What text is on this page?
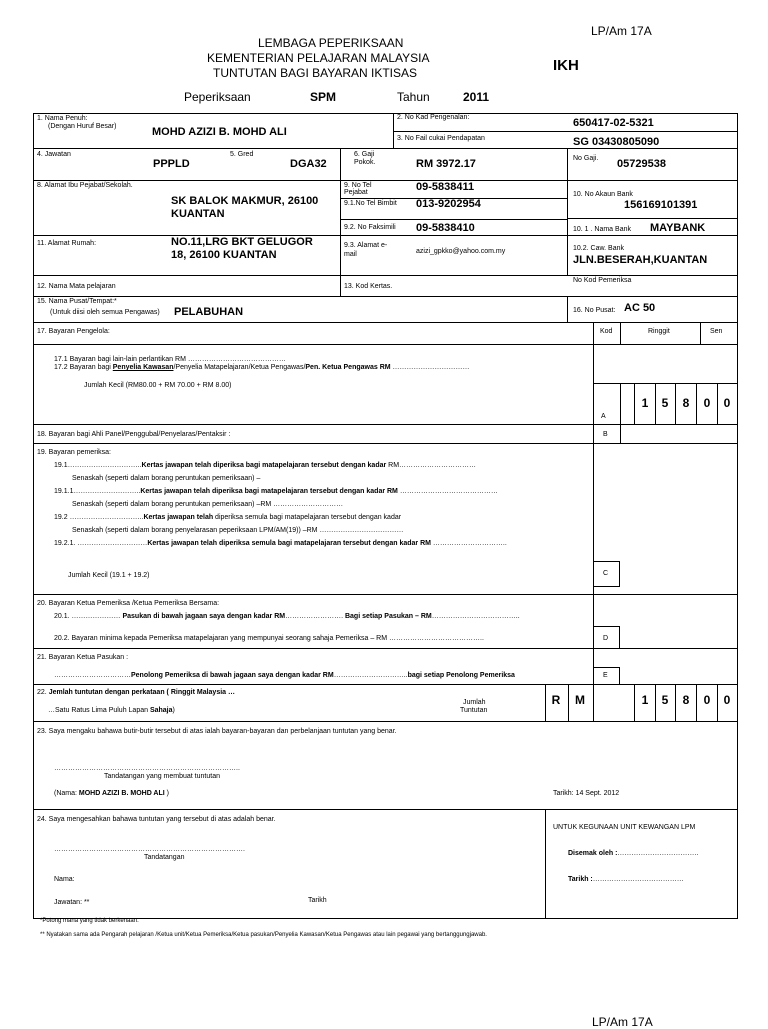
LP/Am 17A
LEMBAGA PEPERIKSAAN
KEMENTERIAN PELAJARAN MALAYSIA
TUNTUTAN BAGI BAYARAN IKTISAS	IKH
Peperiksaan	SPM	Tahun	2011
1. Nama Penuh:
(Dengan Huruf Besar)	MOHD AZIZI B. MOHD ALI
2. No Kad Pengenalan:	650417-02-5321
3. No Fail cukai Pendapatan	SG 03430805090
4. Jawatan
PPPLD
5. Gred
DGA32
6. Gaji
Pokok.	RM 3972.17	No Gaji. 05729538
8. Alamat Ibu Pejabat/Sekolah.
SK BALOK MAKMUR, 26100
KUANTAN
9. No Tel
Pejabat	09-5838411
9.1.No Tel Bimbit 013-9202954
9.2. No Faksimili 09-5838410
10. No Akaun Bank
156169101391
10. 1 . Nama Bank MAYBANK
11. Alamat Rumah:	NO.11,LRG BKT GELUGOR
18, 26100 KUANTAN
9.3. Alamat e-
mail	azizi_gpkko@yahoo.com.my	10.2. Caw. Bank
JLN.BESERAH,KUANTAN
12. Nama Mata pelajaran	13. Kod Kertas.
No Kod Pemeriksa
15. Nama Pusat/Tempat:*
(Untuk diisi oleh semua Pengawas) PELABUHAN	16. No Pusat: AC 50
17. Bayaran Pengelola:	Kod	Ringgit	Sen
17.1 Bayaran bagi lain-lain perlantikan RM ……………………………………
17.2 Bayaran bagi Penyelia Kawasan/Penyelia Matapelajaran/Ketua Pengawas/Pen. Ketua Pengawas RM ……………………………
Jumlah Kecil (RM80.00 + RM 70.00 + RM 8.00)
A
1	5	8	0	0
18. Bayaran bagi Ahli Panel/Penggubal/Penyelaras/Pentaksir :	B
19. Bayaran pemeriksa:
19.1…………………………..Kertas jawapan telah diperiksa bagi matapelajaran tersebut dengan kadar RM……………………………
Senaskah (seperti dalam borang peruntukan pemeriksaan) –
19.1.1………………………..Kertas jawapan telah diperiksa bagi matapelajaran tersebut dengan kadar RM ……………………………………
Senaskah (seperti dalam borang peruntukan pemeriksaan) –RM …………………………
19.2 …………………………..Kertas jawapan telah diperiksa semula bagi matapelajaran tersebut dengan kadar
Senaskah (seperti dalam borang penyelarasan peperiksaan LPM/AM(19)) –RM ………………………………
19.2.1. …………………………Kertas jawapan telah diperiksa semula bagi matapelajaran tersebut dengan kadar RM …………………………..
Jumlah Kecil (19.1 + 19.2)	C
20. Bayaran Ketua Pemeriksa /Ketua Pemeriksa Bersama:
20.1. ………………… Pasukan di bawah jagaan saya dengan kadar RM……………………. Bagi setiap Pasukan – RM………………………………..
20.2. Bayaran minima kepada Pemeriksa matapelajaran yang mempunyai seorang sahaja Pemeriksa – RM …………………………………..	D
21. Bayaran Ketua Pasukan :
……………………………Penolong Pemeriksa di bawah jagaan saya dengan kadar RM…………………………..bagi setiap Penolong Pemeriksa	E
22. Jemlah tuntutan dengan perkataan ( Ringgit Malaysia …
…Satu Ratus Lima Puluh Lapan Sahaja)
Jumlah
Tuntutan
R	M	1	5	8	0	0
23. Saya mengaku bahawa butir-butir tersebut di atas ialah bayaran-bayaran dan perbelanjaan tuntutan yang benar.
……………………………………………………………………..
Tandatangan yang membuat tuntutan
(Nama: MOHD AZIZI B. MOHD ALI )	Tarikh: 14 Sept. 2012
24. Saya mengesahkan bahawa tuntutan yang tersebut di atas adalah benar.
……………………………………………………………………….
Tandatangan
Nama:
Jawatan: **	Tarikh
UNTUK KEGUNAAN UNIT KEWANGAN LPM
Disemak oleh :……………………………..
Tarikh :…………………………………
*Potong mana yang tidak berkenaan.
** Nyatakan sama ada Pengarah pelajaran /Ketua unit/Ketua Pemeriksa/Ketua pasukan/Penyelia Kawasan/Ketua Pengawas atau lain pegawai yang bertanggungjawab.
LP/Am 17A
